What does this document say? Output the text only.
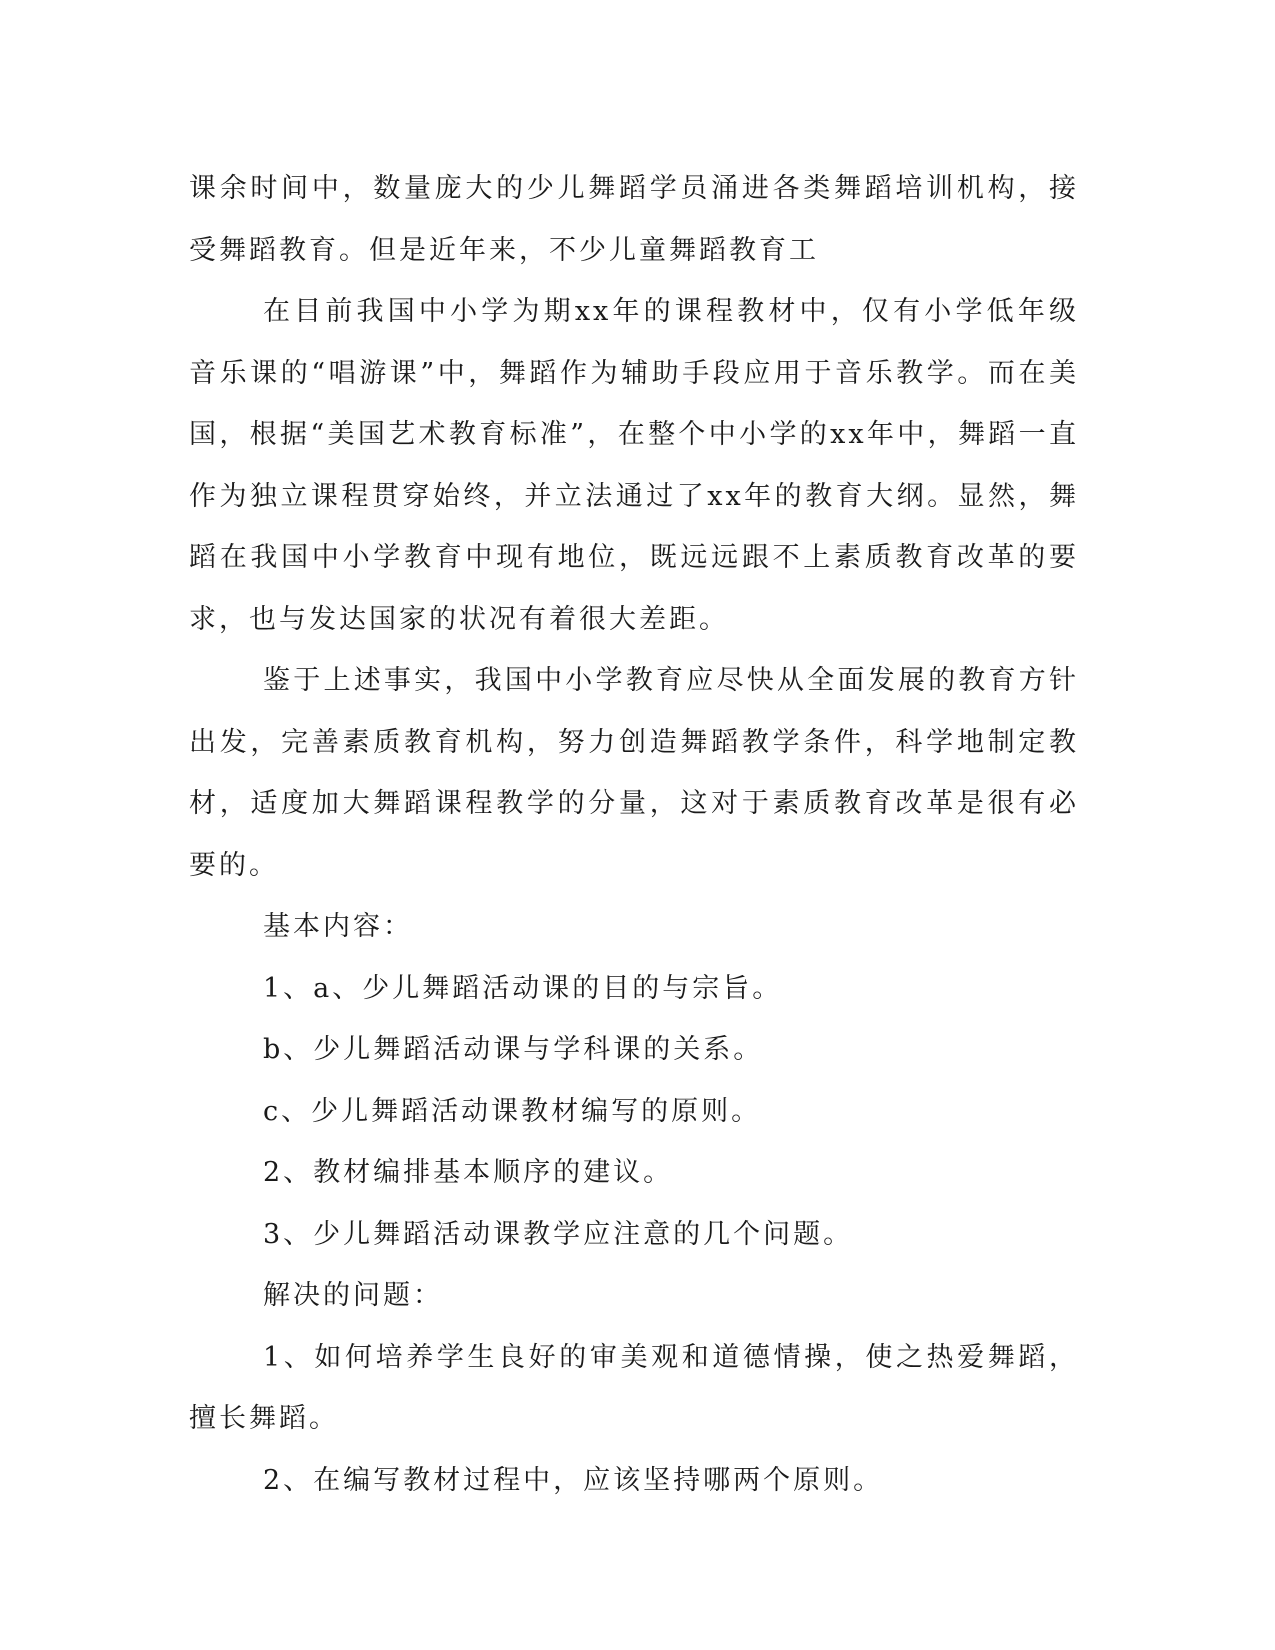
课余时间中，数量庞大的少儿舞蹈学员涌进各类舞蹈培训机构，接受舞蹈教育。但是近年来，不少儿童舞蹈教育工

在目前我国中小学为期xx年的课程教材中，仅有小学低年级音乐课的“唱游课”中，舞蹈作为辅助手段应用于音乐教学。而在美国，根据“美国艺术教育标准”，在整个中小学的xx年中，舞蹈一直作为独立课程贯穿始终，并立法通过了xx年的教育大纲。显然，舞蹈在我国中小学教育中现有地位，既远远跟不上素质教育改革的要求，也与发达国家的状况有着很大差距。

鉴于上述事实，我国中小学教育应尽快从全面发展的教育方针出发，完善素质教育机构，努力创造舞蹈教学条件，科学地制定教材，适度加大舞蹈课程教学的分量，这对于素质教育改革是很有必要的。

基本内容：

1、a、少儿舞蹈活动课的目的与宗旨。

b、少儿舞蹈活动课与学科课的关系。

c、少儿舞蹈活动课教材编写的原则。

2、教材编排基本顺序的建议。

3、少儿舞蹈活动课教学应注意的几个问题。

解决的问题：

1、如何培养学生良好的审美观和道德情操，使之热爱舞蹈，擅长舞蹈。

2、在编写教材过程中，应该坚持哪两个原则。
